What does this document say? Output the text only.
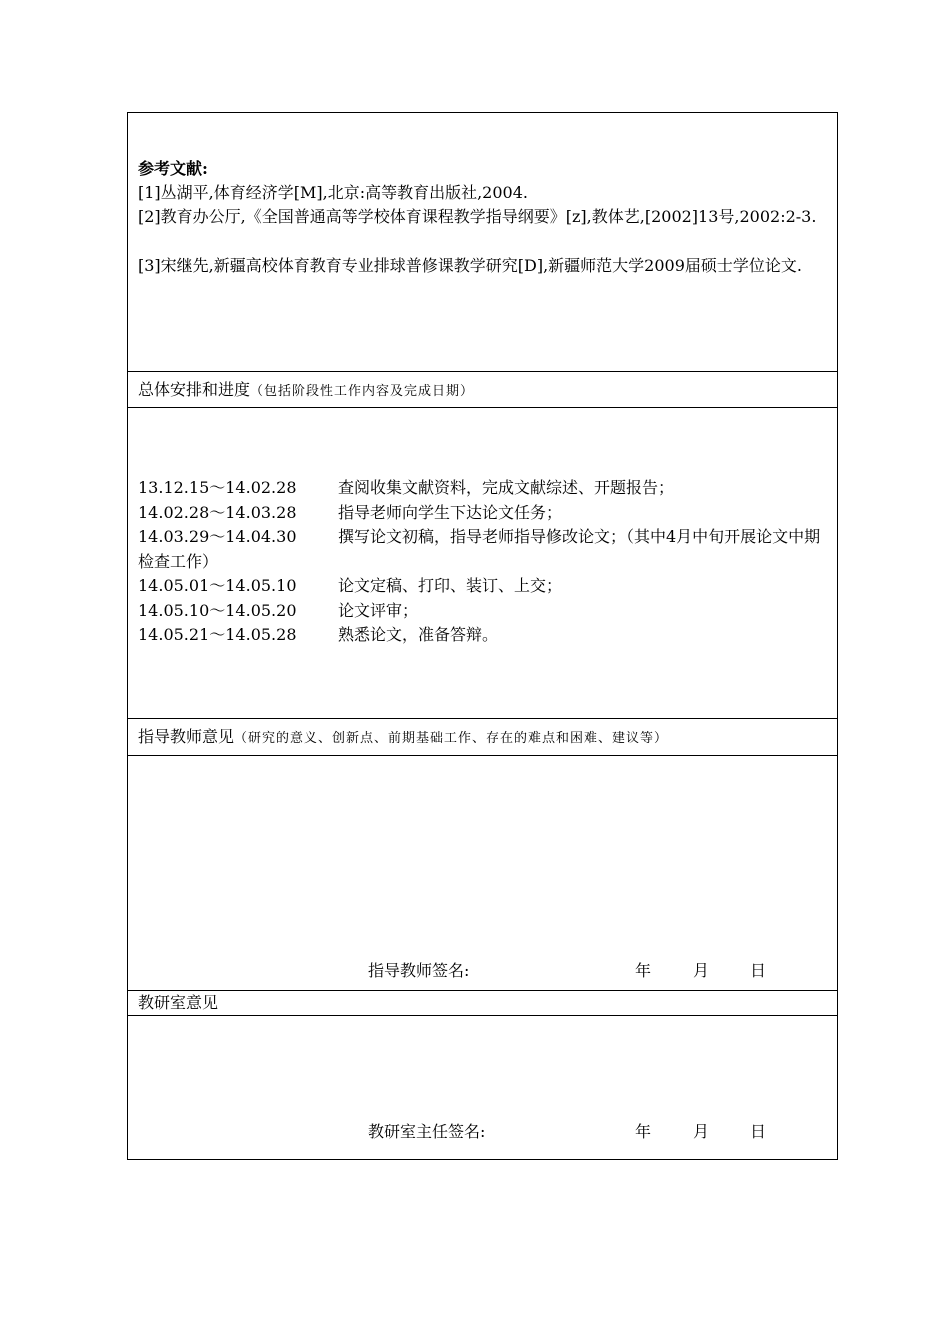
参考文献:
[1]丛湖平,体育经济学[M],北京:高等教育出版社,2004.
[2]教育办公厅,《全国普通高等学校体育课程教学指导纲要》[z],教体艺,[2002]13号,2002:2-3.
[3]宋继先,新疆高校体育教育专业排球普修课教学研究[D],新疆师范大学2009届硕士学位论文.
总体安排和进度（包括阶段性工作内容及完成日期）
13.12.15～14.02.28	查阅收集文献资料，完成文献综述、开题报告；
14.02.28～14.03.28	指导老师向学生下达论文任务；
14.03.29～14.04.30	撰写论文初稿，指导老师指导修改论文；（其中4月中旬开展论文中期检查工作）
14.05.01～14.05.10	论文定稿、打印、装订、上交；
14.05.10～14.05.20	论文评审；
14.05.21～14.05.28	熟悉论文，准备答辩。
指导教师意见（研究的意义、创新点、前期基础工作、存在的难点和困难、建议等）
指导教师签名:	年	月	日
教研室意见
教研室主任签名:	年	月	日
